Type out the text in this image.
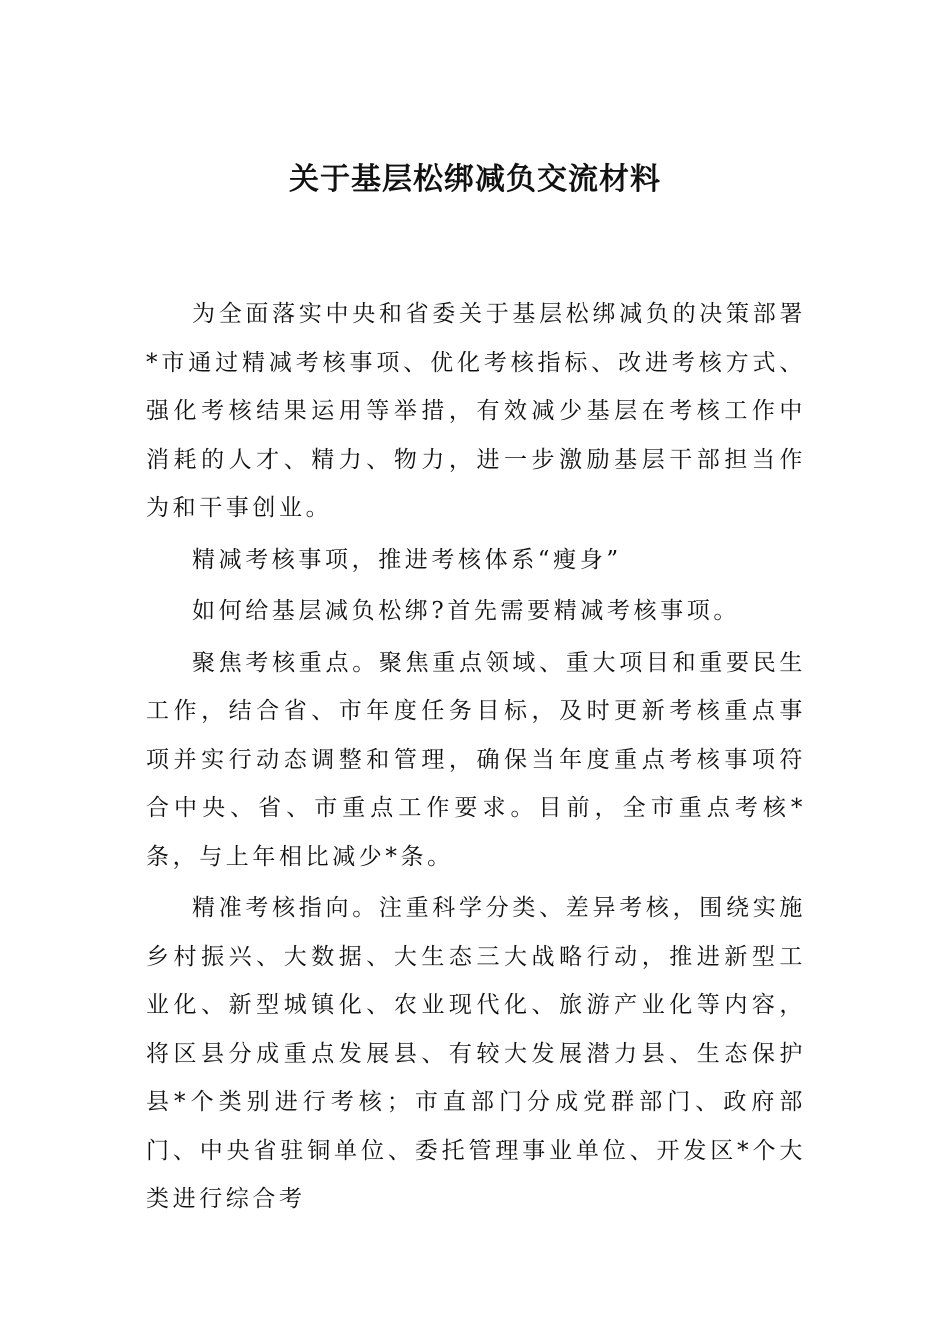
关于基层松绑减负交流材料

为全面落实中央和省委关于基层松绑减负的决策部署*市通过精减考核事项、优化考核指标、改进考核方式、强化考核结果运用等举措，有效减少基层在考核工作中消耗的人才、精力、物力，进一步激励基层干部担当作为和干事创业。

精减考核事项，推进考核体系“瘦身”

如何给基层减负松绑?首先需要精减考核事项。

聚焦考核重点。聚焦重点领域、重大项目和重要民生工作，结合省、市年度任务目标，及时更新考核重点事项并实行动态调整和管理，确保当年度重点考核事项符合中央、省、市重点工作要求。目前，全市重点考核*条，与上年相比减少*条。

精准考核指向。注重科学分类、差异考核，围绕实施乡村振兴、大数据、大生态三大战略行动，推进新型工业化、新型城镇化、农业现代化、旅游产业化等内容，将区县分成重点发展县、有较大发展潜力县、生态保护县*个类别进行考核；市直部门分成党群部门、政府部门、中央省驻铜单位、委托管理事业单位、开发区*个大类进行综合考
